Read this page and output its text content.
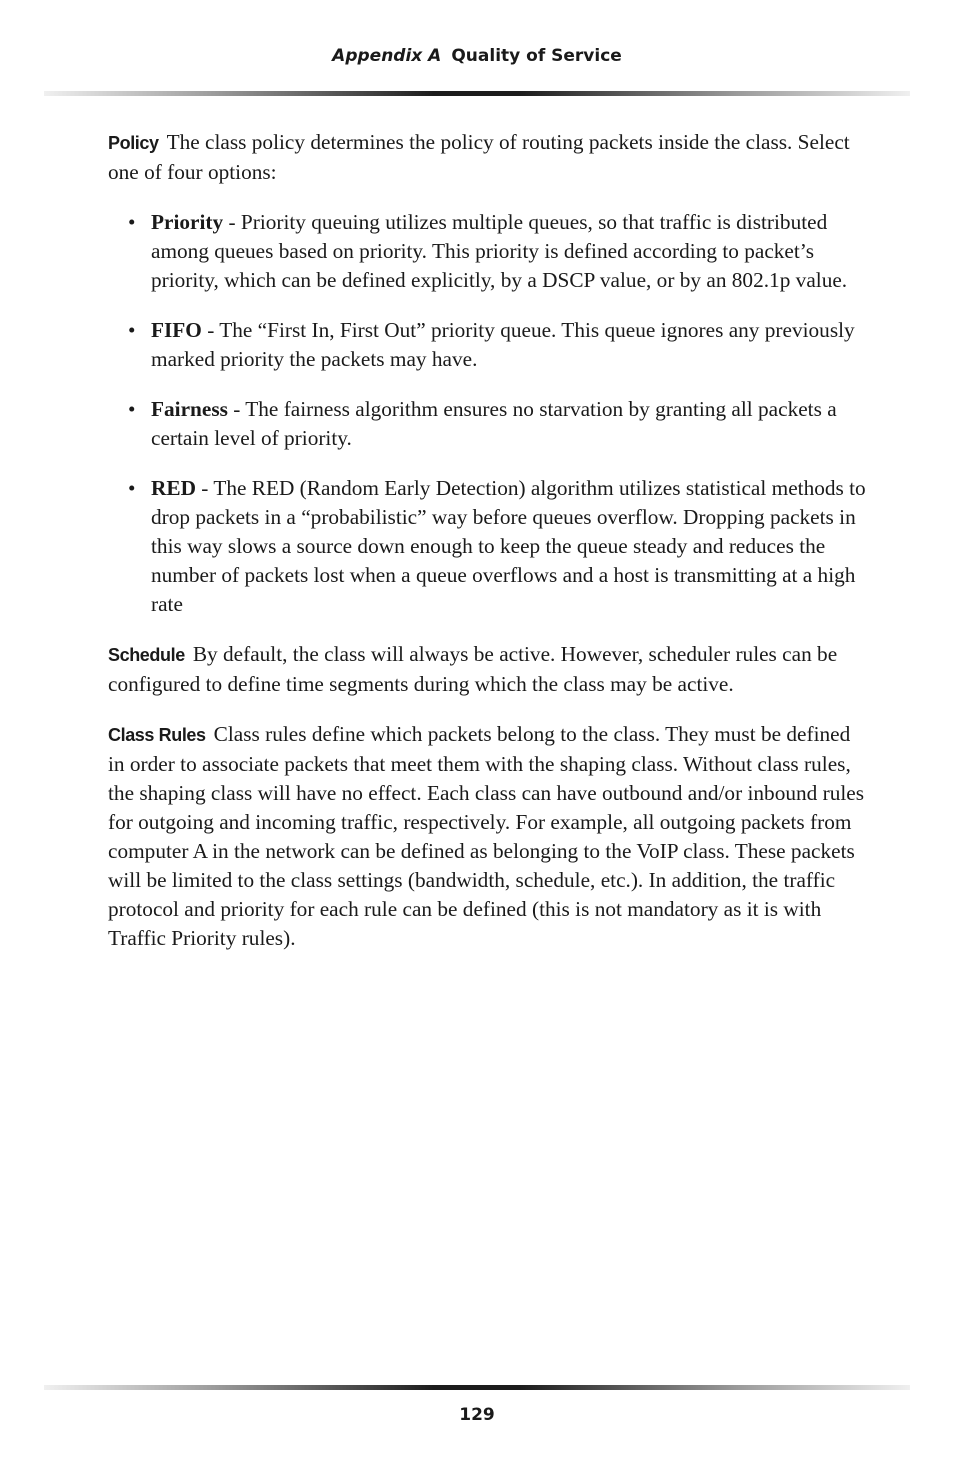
Appendix A Quality of Service

Policy The class policy determines the policy of routing packets inside the class. Select one of four options:

• Priority - Priority queuing utilizes multiple queues, so that traffic is distributed among queues based on priority. This priority is defined according to packet’s priority, which can be defined explicitly, by a DSCP value, or by an 802.1p value.
• FIFO - The “First In, First Out” priority queue. This queue ignores any previously marked priority the packets may have.
• Fairness - The fairness algorithm ensures no starvation by granting all packets a certain level of priority.
• RED - The RED (Random Early Detection) algorithm utilizes statistical methods to drop packets in a “probabilistic” way before queues overflow. Dropping packets in this way slows a source down enough to keep the queue steady and reduces the number of packets lost when a queue overflows and a host is transmitting at a high rate

Schedule By default, the class will always be active. However, scheduler rules can be configured to define time segments during which the class may be active.

Class Rules Class rules define which packets belong to the class. They must be defined in order to associate packets that meet them with the shaping class. Without class rules, the shaping class will have no effect. Each class can have outbound and/or inbound rules for outgoing and incoming traffic, respectively. For example, all outgoing packets from computer A in the network can be defined as belonging to the VoIP class. These packets will be limited to the class settings (bandwidth, schedule, etc.). In addition, the traffic protocol and priority for each rule can be defined (this is not mandatory as it is with Traffic Priority rules).

129
